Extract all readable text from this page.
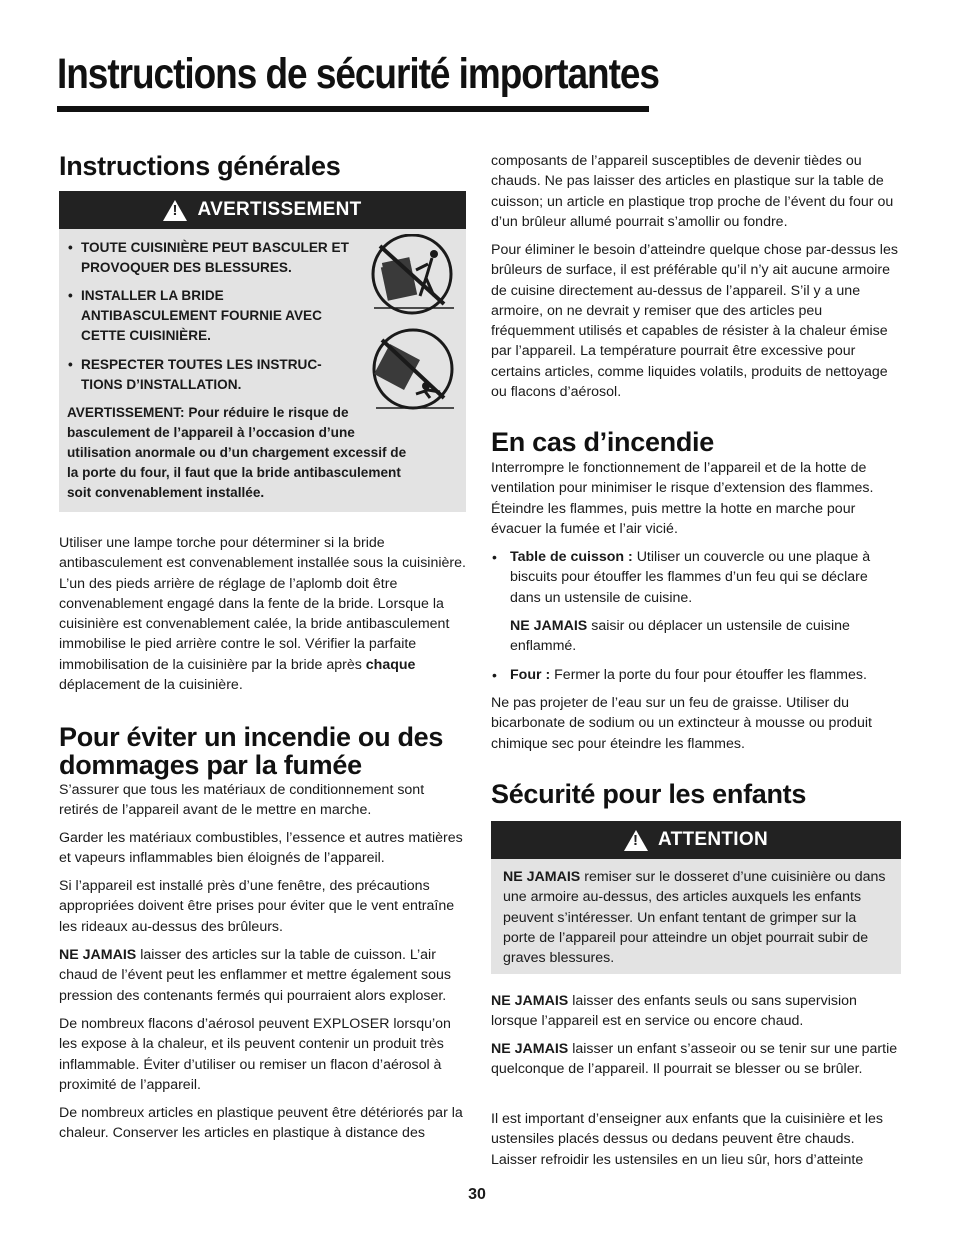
Instructions de sécurité importantes
Instructions générales
!
AVERTISSEMENT
• TOUTE CUISINIÈRE PEUT BASCULER ET PROVOQUER DES BLESSURES.
• INSTALLER LA BRIDE ANTIBASCULEMENT FOURNIE AVEC CETTE CUISINIÈRE.
• RESPECTER TOUTES LES INSTRUC-TIONS D’INSTALLATION.
AVERTISSEMENT: Pour réduire le risque de basculement de l’appareil à l’occasion d’une utilisation anormale ou d’un chargement excessif de la porte du four, il faut que la bride antibasculement soit convenablement installée.

Utiliser une lampe torche pour déterminer si la bride antibasculement est convenablement installée sous la cuisinière. L’un des pieds arrière de réglage de l’aplomb doit être convenablement engagé dans la fente de la bride. Lorsque la cuisinière est convenablement calée, la bride antibasculement immobilise le pied arrière contre le sol. Vérifier la parfaite immobilisation de la cuisinière par la bride après chaque déplacement de la cuisinière.

Pour éviter un incendie ou des dommages par la fumée

S’assurer que tous les matériaux de conditionnement sont retirés de l’appareil avant de le mettre en marche.

Garder les matériaux combustibles, l’essence et autres matières et vapeurs inflammables bien éloignés de l’appareil.

Si l’appareil est installé près d’une fenêtre, des précautions appropriées doivent être prises pour éviter que le vent entraîne les rideaux au-dessus des brûleurs.

NE JAMAIS laisser des articles sur la table de cuisson. L’air chaud de l’évent peut les enflammer et mettre également sous pression des contenants fermés qui pourraient alors exploser.

De nombreux flacons d’aérosol peuvent EXPLOSER lorsqu’on les expose à la chaleur, et ils peuvent contenir un produit très inflammable. Éviter d’utiliser ou remiser un flacon d’aérosol à proximité de l’appareil.

De nombreux articles en plastique peuvent être détériorés par la chaleur. Conserver les articles en plastique à distance des

composants de l’appareil susceptibles de devenir tièdes ou chauds. Ne pas laisser des articles en plastique sur la table de cuisson; un article en plastique trop proche de l’évent du four ou d’un brûleur allumé pourrait s’amollir ou fondre.

Pour éliminer le besoin d’atteindre quelque chose par-dessus les brûleurs de surface, il est préférable qu’il n’y ait aucune armoire de cuisine directement au-dessus de l’appareil. S’il y a une armoire, on ne devrait y remiser que des articles peu fréquemment utilisés et capables de résister à la chaleur émise par l’appareil. La température pourrait être excessive pour certains articles, comme liquides volatils, produits de nettoyage ou flacons d’aérosol.

En cas d’incendie

Interrompre le fonctionnement de l’appareil et de la hotte de ventilation pour minimiser le risque d’extension des flammes. Éteindre les flammes, puis mettre la hotte en marche pour évacuer la fumée et l’air vicié.

• Table de cuisson : Utiliser un couvercle ou une plaque à biscuits pour étouffer les flammes d’un feu qui se déclare dans un ustensile de cuisine.

NE JAMAIS saisir ou déplacer un ustensile de cuisine enflammé.

• Four : Fermer la porte du four pour étouffer les flammes.

Ne pas projeter de l’eau sur un feu de graisse. Utiliser du bicarbonate de sodium ou un extincteur à mousse ou produit chimique sec pour éteindre les flammes.

Sécurité pour les enfants
!
ATTENTION

NE JAMAIS remiser sur le dosseret d’une cuisinière ou dans une armoire au-dessus, des articles auxquels les enfants peuvent s’intéresser. Un enfant tentant de grimper sur la porte de l’appareil pour atteindre un objet pourrait subir de graves blessures.

NE JAMAIS laisser des enfants seuls ou sans supervision lorsque l’appareil est en service ou encore chaud.

NE JAMAIS laisser un enfant s’asseoir ou se tenir sur une partie quelconque de l’appareil. Il pourrait se blesser ou se brûler.

Il est important d’enseigner aux enfants que la cuisinière et les ustensiles placés dessus ou dedans peuvent être chauds. Laisser refroidir les ustensiles en un lieu sûr, hors d’atteinte

30
